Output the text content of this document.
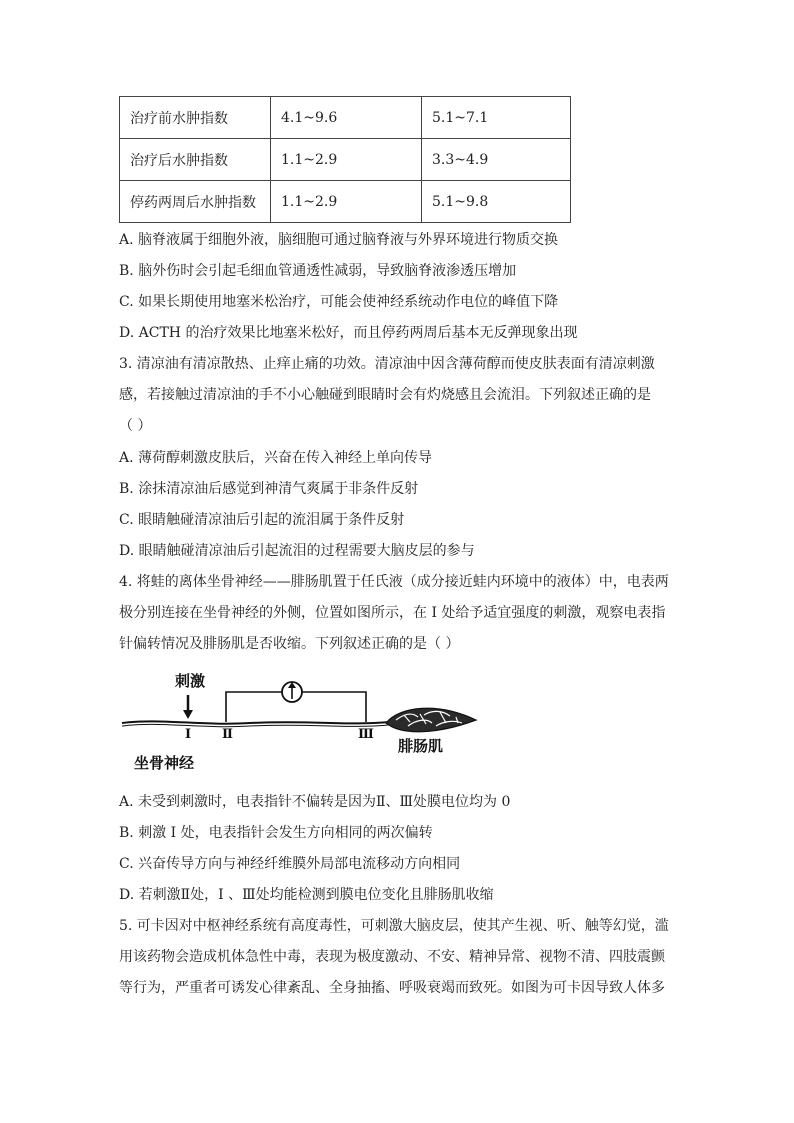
治疗前水肿指数	4.1~9.6	5.1~7.1
治疗后水肿指数	1.1~2.9	3.3~4.9
停药两周后水肿指数	1.1~2.9	5.1~9.8
A. 脑脊液属于细胞外液，脑细胞可通过脑脊液与外界环境进行物质交换
B. 脑外伤时会引起毛细血管通透性减弱，导致脑脊液渗透压增加
C. 如果长期使用地塞米松治疗，可能会使神经系统动作电位的峰值下降
D. ACTH 的治疗效果比地塞米松好，而且停药两周后基本无反弹现象出现
3. 清凉油有清凉散热、止痒止痛的功效。清凉油中因含薄荷醇而使皮肤表面有清凉刺激
感，若接触过清凉油的手不小心触碰到眼睛时会有灼烧感且会流泪。下列叙述正确的是
（ ）
A. 薄荷醇刺激皮肤后，兴奋在传入神经上单向传导
B. 涂抹清凉油后感觉到神清气爽属于非条件反射
C. 眼睛触碰清凉油后引起的流泪属于条件反射
D. 眼睛触碰清凉油后引起流泪的过程需要大脑皮层的参与
4. 将蛙的离体坐骨神经——腓肠肌置于任氏液（成分接近蛙内环境中的液体）中，电表两
极分别连接在坐骨神经的外侧，位置如图所示，在 I 处给予适宜强度的刺激，观察电表指
针偏转情况及腓肠肌是否收缩。下列叙述正确的是（ ）
刺激
I Ⅱ	Ⅲ
腓肠肌
坐骨神经
A. 未受到刺激时，电表指针不偏转是因为Ⅱ、Ⅲ处膜电位均为 0
B. 刺激 I 处，电表指针会发生方向相同的两次偏转
C. 兴奋传导方向与神经纤维膜外局部电流移动方向相同
D. 若刺激Ⅱ处，I 、Ⅲ处均能检测到膜电位变化且腓肠肌收缩
5. 可卡因对中枢神经系统有高度毒性，可刺激大脑皮层，使其产生视、听、触等幻觉，滥
用该药物会造成机体急性中毒，表现为极度激动、不安、精神异常、视物不清、四肢震颤
等行为，严重者可诱发心律紊乱、全身抽搐、呼吸衰竭而致死。如图为可卡因导致人体多
